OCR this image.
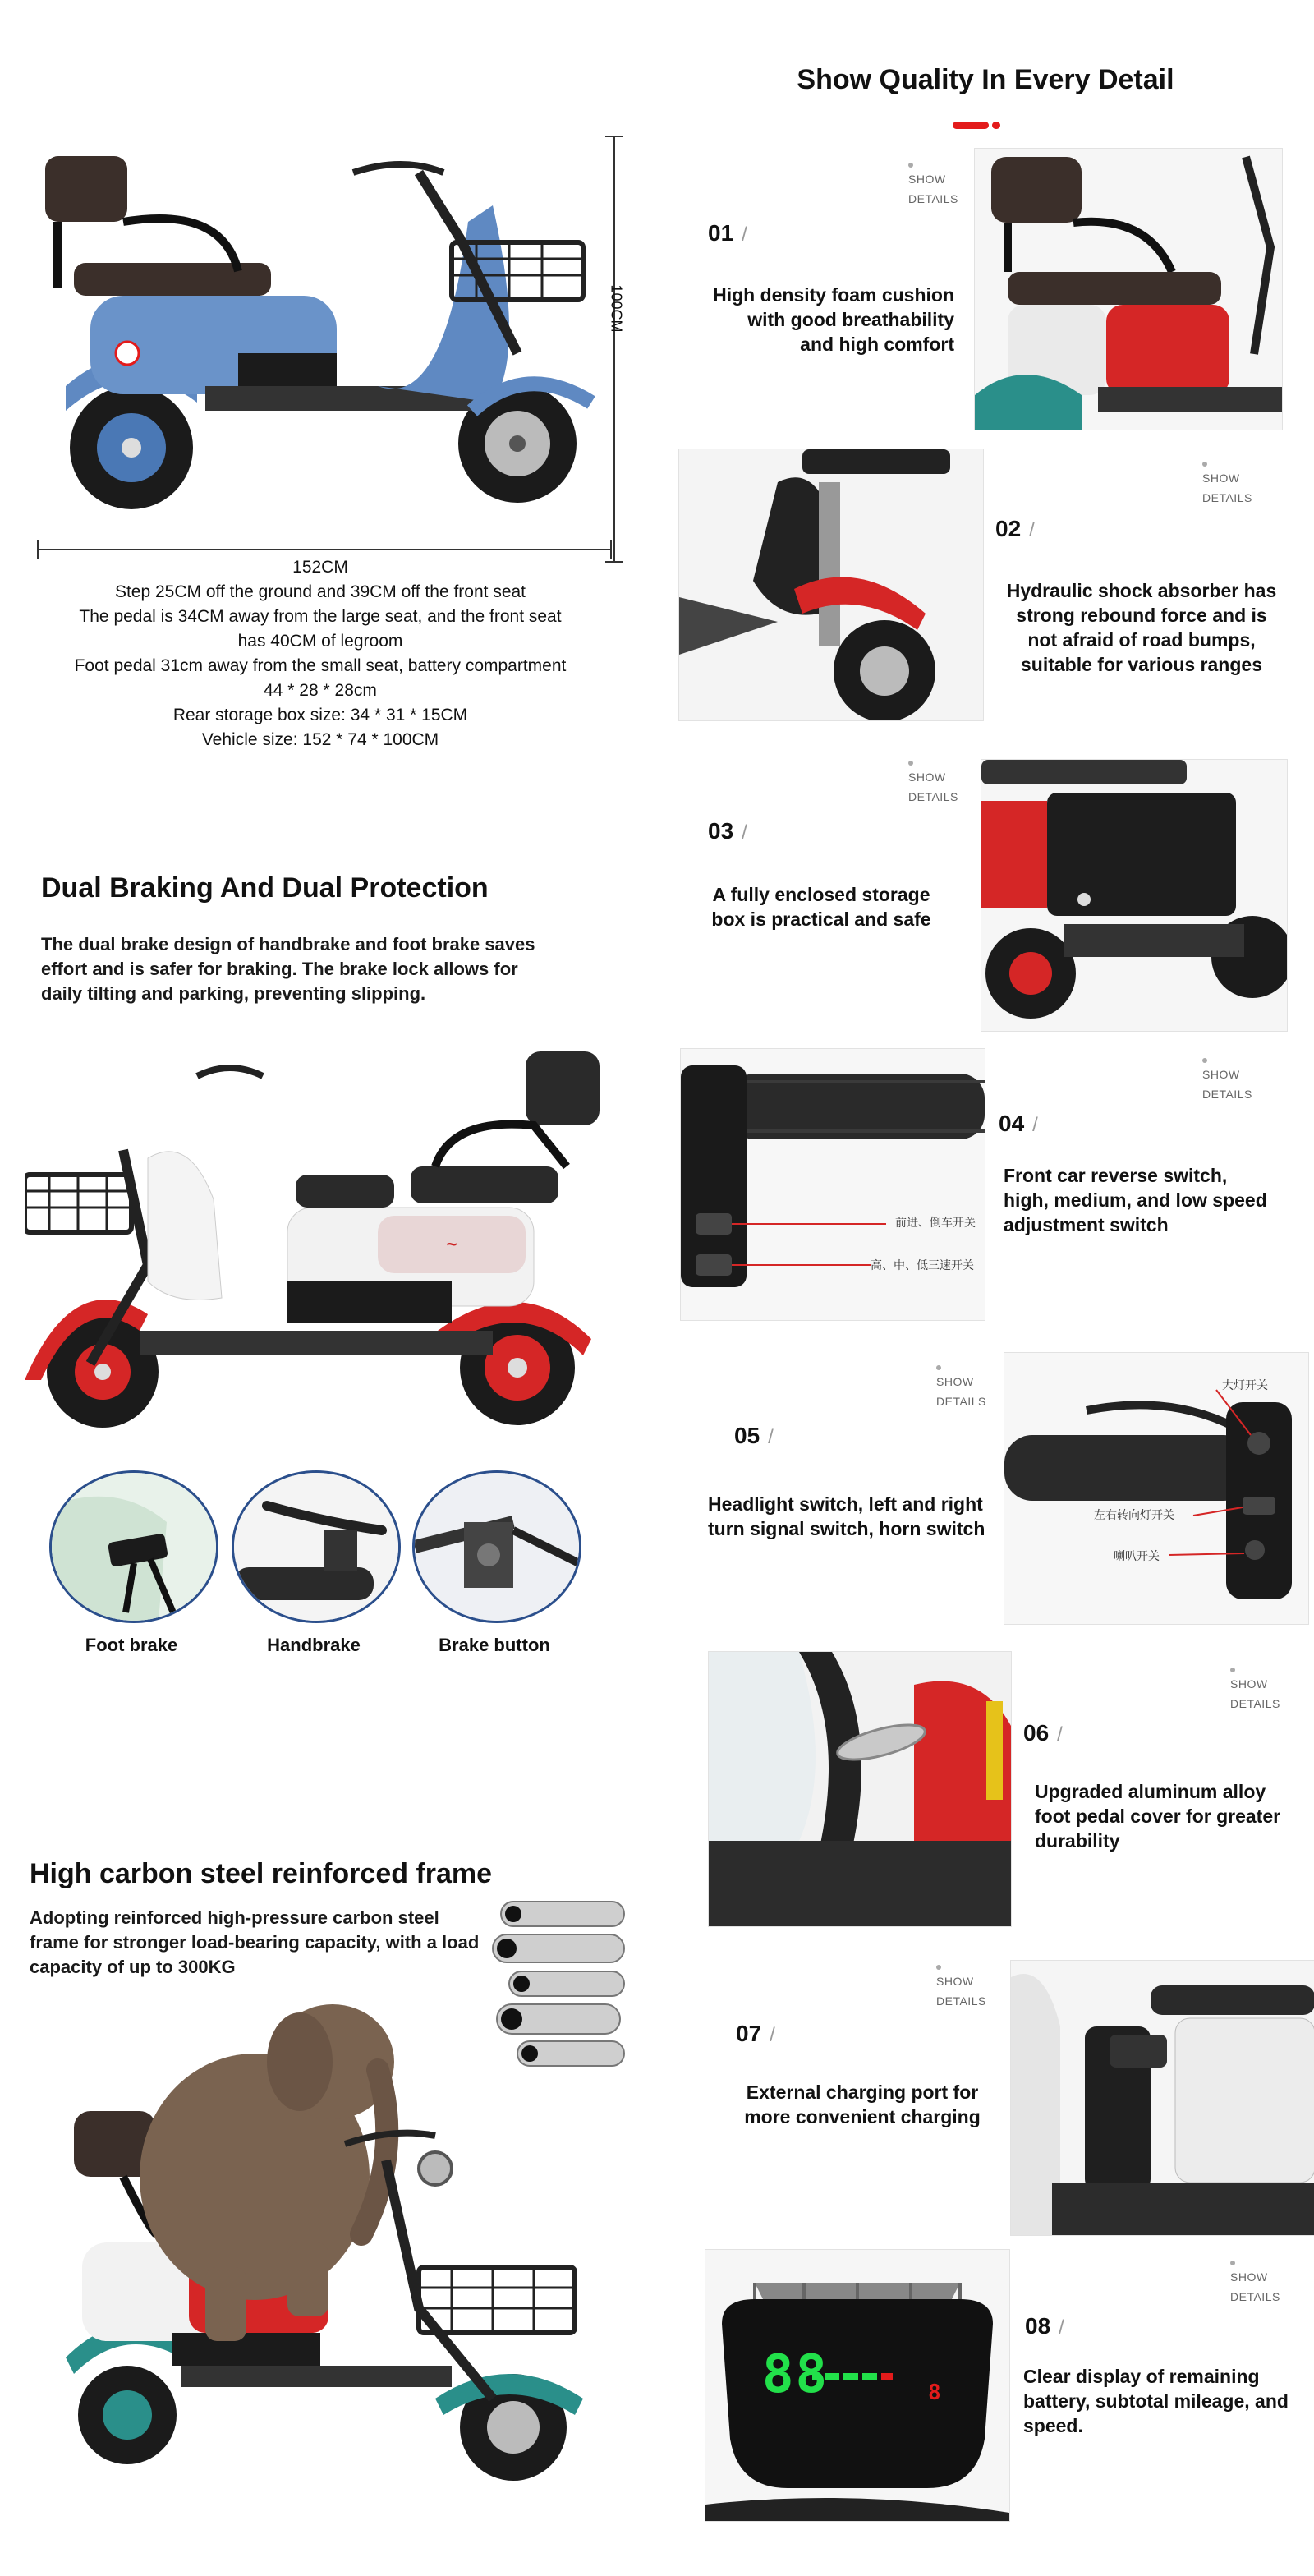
Show Quality In Every Detail
100CM
152CM
Step 25CM off the ground and 39CM off the front seat
The pedal is 34CM away from the large seat, and the front seat
has 40CM of legroom
Foot pedal 31cm away from the small seat, battery compartment
44 * 28 * 28cm
Rear storage box size: 34 * 31 * 15CM
Vehicle size: 152 * 74 * 100CM
Dual Braking And Dual Protection
The dual brake design of handbrake and foot brake saves
effort and is safer for braking. The brake lock allows for
daily tilting and parking, preventing slipping.
~
Foot brake	Handbrake	Brake button
High carbon steel reinforced frame
Adopting reinforced high-pressure carbon steel
frame for stronger load-bearing capacity, with a load
capacity of up to 300KG
SHOW
DETAILS
01 /
High density foam cushion
with good breathability
and high comfort
SHOW
DETAILS
02 /
Hydraulic shock absorber has
strong rebound force and is
not afraid of road bumps,
suitable for various ranges
SHOW
DETAILS
03 /
A fully enclosed storage
box is practical and safe
前进、倒车开关
高、中、低三速开关
SHOW
DETAILS
04 /
Front car reverse switch,
high, medium, and low speed
adjustment switch
SHOW
DETAILS
05 /
Headlight switch, left and right
turn signal switch, horn switch
大灯开关
左右转向灯开关
喇叭开关
SHOW
DETAILS
06 /
Upgraded aluminum alloy
foot pedal cover for greater
durability
SHOW
DETAILS
07 /
External charging port for
more convenient charging
88	8
SHOW
DETAILS
08 /
Clear display of remaining
battery, subtotal mileage, and
speed.
